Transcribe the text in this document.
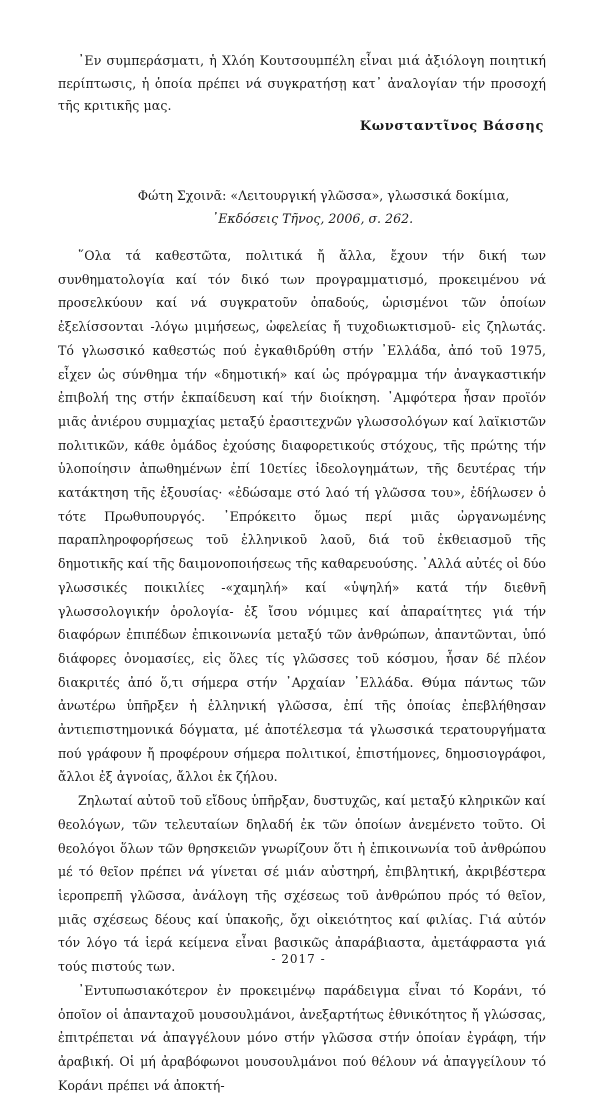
᾽Εν συμπεράσματι, ἡ Χλόη Κουτσουμπέλη εἶναι μιά ἀξιόλογη ποιητική περίπτωσις, ἡ ὁποία πρέπει νά συγκρατήσῃ κατ᾽ ἀναλογίαν τήν προσοχή τῆς κριτικῆς μας.

Κωνσταντῖνος Βάσσης

Φώτη Σχοινᾶ: «Λειτουργική γλῶσσα», γλωσσικά δοκίμια,
᾽Εκδόσεις Τῆνος, 2006, σ. 262.

῞Ολα τά καθεστῶτα, πολιτικά ἤ ἄλλα, ἔχουν τήν δική των συνθηματολογία καί τόν δικό των προγραμματισμό, προκειμένου νά προσελκύουν καί νά συγκρατοῦν ὀπαδούς, ὡρισμένοι τῶν ὁποίων ἐξελίσσονται -λόγω μιμήσεως, ὠφελείας ἤ τυχοδιωκτισμοῦ- εἰς ζηλωτάς. Τό γλωσσικό καθεστώς πού ἐγκαθιδρύθη στήν ᾽Ελλάδα, ἀπό τοῦ 1975, εἶχεν ὡς σύνθημα τήν «δημοτική» καί ὡς πρόγραμμα τήν ἀναγκαστικήν ἐπιβολή της στήν ἐκπαίδευση καί τήν διοίκηση. ᾽Αμφότερα ἦσαν προϊόν μιᾶς ἀνιέρου συμμαχίας μεταξύ ἐρασιτεχνῶν γλωσσολόγων καί λαϊκιστῶν πολιτικῶν, κάθε ὁμάδος ἐχούσης διαφορετικούς στόχους, τῆς πρώτης τήν ὑλοποίησιν ἀπωθημένων ἐπί 10ετίες ἰδεολογημάτων, τῆς δευτέρας τήν κατάκτηση τῆς ἐξουσίας· «ἐδώσαμε στό λαό τή γλῶσσα του», ἐδήλωσεν ὁ τότε Πρωθυπουργός. ᾽Επρόκειτο ὅμως περί μιᾶς ὠργανωμένης παραπληροφορήσεως τοῦ ἑλληνικοῦ λαοῦ, διά τοῦ ἐκθειασμοῦ τῆς δημοτικῆς καί τῆς δαιμονοποιήσεως τῆς καθαρευούσης. ᾽Αλλά αὐτές οἱ δύο γλωσσικές ποικιλίες -«χαμηλή» καί «ὑψηλή» κατά τήν διεθνῆ γλωσσολογικήν ὁρολογία- ἐξ ἴσου νόμιμες καί ἀπαραίτητες γιά τήν διαφόρων ἐπιπέδων ἐπικοινωνία μεταξύ τῶν ἀνθρώπων, ἀπαντῶνται, ὑπό διάφορες ὀνομασίες, εἰς ὅλες τίς γλῶσσες τοῦ κόσμου, ἦσαν δέ πλέον διακριτές ἀπό ὅ,τι σήμερα στήν ᾽Αρχαίαν ᾽Ελλάδα. Θύμα πάντως τῶν ἀνωτέρω ὑπῆρξεν ἡ ἑλληνική γλῶσσα, ἐπί τῆς ὁποίας ἐπεβλήθησαν ἀντιεπιστημονικά δόγματα, μέ ἀποτέλεσμα τά γλωσσικά τερατουργήματα πού γράφουν ἤ προφέρουν σήμερα πολιτικοί, ἐπιστήμονες, δημοσιογράφοι, ἄλλοι ἐξ ἀγνοίας, ἄλλοι ἐκ ζήλου.

Ζηλωταί αὐτοῦ τοῦ εἴδους ὑπῆρξαν, δυστυχῶς, καί μεταξύ κληρικῶν καί θεολόγων, τῶν τελευταίων δηλαδή ἐκ τῶν ὁποίων ἀνεμένετο τοῦτο. Οἱ θεολόγοι ὅλων τῶν θρησκειῶν γνωρίζουν ὅτι ἡ ἐπικοινωνία τοῦ ἀνθρώπου μέ τό θεῖον πρέπει νά γίνεται σέ μιάν αὐστηρή, ἐπιβλητική, ἀκριβέστερα ἱεροπρεπῆ γλῶσσα, ἀνάλογη τῆς σχέσεως τοῦ ἀνθρώπου πρός τό θεῖον, μιᾶς σχέσεως δέους καί ὑπακοῆς, ὄχι οἰκειότητος καί φιλίας. Γιά αὐτόν τόν λόγο τά ἱερά κείμενα εἶναι βασικῶς ἀπαράβιαστα, ἀμετάφραστα γιά τούς πιστούς των.

᾽Εντυπωσιακότερον ἐν προκειμένῳ παράδειγμα εἶναι τό Κοράνι, τό ὁποῖον οἱ ἁπανταχοῦ μουσουλμάνοι, ἀνεξαρτήτως ἐθνικότητος ἤ γλώσσας, ἐπιτρέπεται νά ἀπαγγέλουν μόνο στήν γλῶσσα στήν ὁποίαν ἐγράφη, τήν ἀραβική. Οἱ μή ἀραβόφωνοι μουσουλμάνοι πού θέλουν νά ἀπαγγείλουν τό Κοράνι πρέπει νά ἀποκτή-

- 2017 -
